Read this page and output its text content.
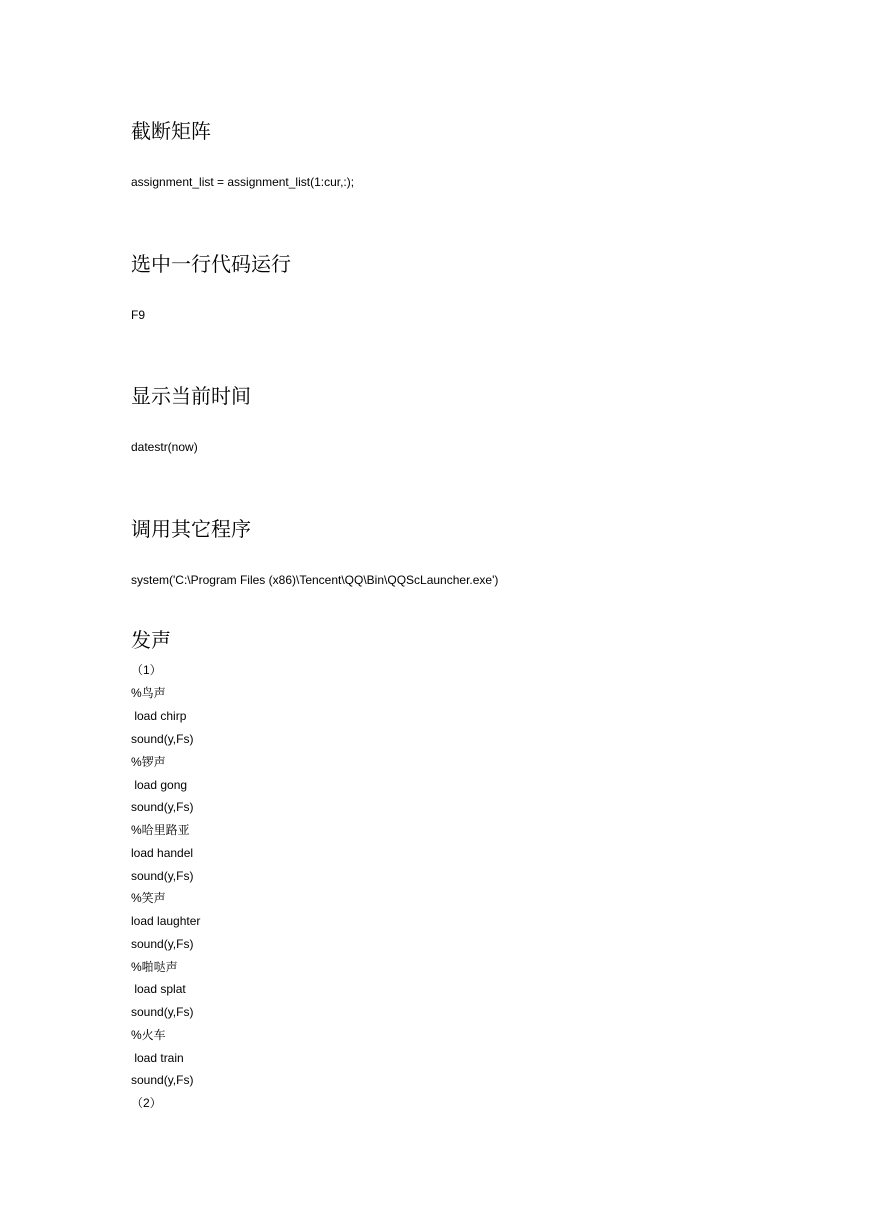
截断矩阵
assignment_list = assignment_list(1:cur,:);
选中一行代码运行
F9
显示当前时间
datestr(now)
调用其它程序
system('C:\Program Files (x86)\Tencent\QQ\Bin\QQScLauncher.exe')
发声
（1）
%鸟声
load chirp
sound(y,Fs)
%锣声
load gong
sound(y,Fs)
%哈里路亚
load handel
sound(y,Fs)
%笑声
load laughter
sound(y,Fs)
%啪哒声
load splat
sound(y,Fs)
%火车
load train
sound(y,Fs)
（2）
